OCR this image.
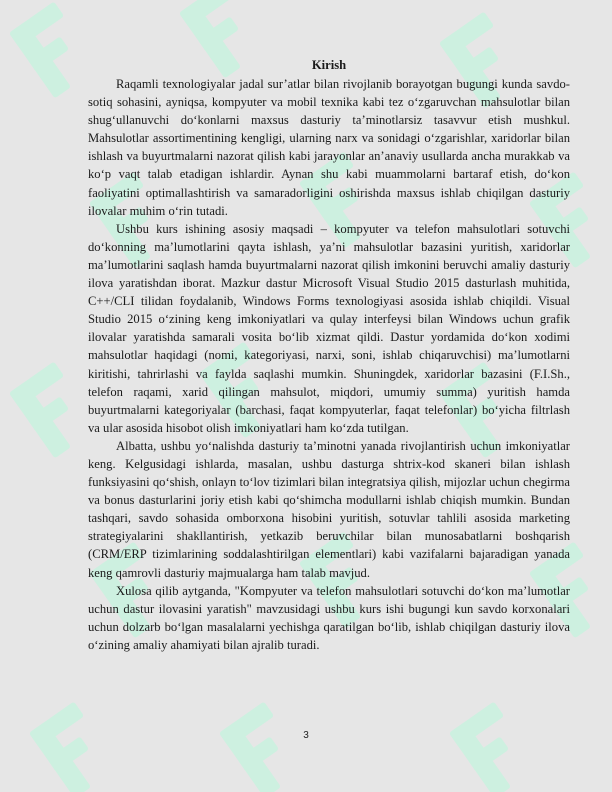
Kirish

Raqamli texnologiyalar jadal sur’atlar bilan rivojlanib borayotgan bugungi kunda savdo-sotiq sohasini, ayniqsa, kompyuter va mobil texnika kabi tez o‘zgaruvchan mahsulotlar bilan shug‘ullanuvchi do‘konlarni maxsus dasturiy ta’minotlarsiz tasavvur etish mushkul. Mahsulotlar assortimentining kengligi, ularning narx va sonidagi o‘zgarishlar, xaridorlar bilan ishlash va buyurtmalarni nazorat qilish kabi jarayonlar an’anaviy usullarda ancha murakkab va ko‘p vaqt talab etadigan ishlardir. Aynan shu kabi muammolarni bartaraf etish, do‘kon faoliyatini optimallashtirish va samaradorligini oshirishda maxsus ishlab chiqilgan dasturiy ilovalar muhim o‘rin tutadi.

Ushbu kurs ishining asosiy maqsadi – kompyuter va telefon mahsulotlari sotuvchi do‘konning ma’lumotlarini qayta ishlash, ya’ni mahsulotlar bazasini yuritish, xaridorlar ma’lumotlarini saqlash hamda buyurtmalarni nazorat qilish imkonini beruvchi amaliy dasturiy ilova yaratishdan iborat. Mazkur dastur Microsoft Visual Studio 2015 dasturlash muhitida, C++/CLI tilidan foydalanib, Windows Forms texnologiyasi asosida ishlab chiqildi. Visual Studio 2015 o‘zining keng imkoniyatlari va qulay interfeysi bilan Windows uchun grafik ilovalar yaratishda samarali vosita bo‘lib xizmat qildi. Dastur yordamida do‘kon xodimi mahsulotlar haqidagi (nomi, kategoriyasi, narxi, soni, ishlab chiqaruvchisi) ma’lumotlarni kiritishi, tahrirlashi va faylda saqlashi mumkin. Shuningdek, xaridorlar bazasini (F.I.Sh., telefon raqami, xarid qilingan mahsulot, miqdori, umumiy summa) yuritish hamda buyurtmalarni kategoriyalar (barchasi, faqat kompyuterlar, faqat telefonlar) bo‘yicha filtrlash va ular asosida hisobot olish imkoniyatlari ham ko‘zda tutilgan.

Albatta, ushbu yo‘nalishda dasturiy ta’minotni yanada rivojlantirish uchun imkoniyatlar keng. Kelgusidagi ishlarda, masalan, ushbu dasturga shtrix-kod skaneri bilan ishlash funksiyasini qo‘shish, onlayn to‘lov tizimlari bilan integratsiya qilish, mijozlar uchun chegirma va bonus dasturlarini joriy etish kabi qo‘shimcha modullarni ishlab chiqish mumkin. Bundan tashqari, savdo sohasida omborxona hisobini yuritish, sotuvlar tahlili asosida marketing strategiyalarini shakllantirish, yetkazib beruvchilar bilan munosabatlarni boshqarish (CRM/ERP tizimlarining soddalashtirilgan elementlari) kabi vazifalarni bajaradigan yanada keng qamrovli dasturiy majmualarga ham talab mavjud.

Xulosa qilib aytganda, "Kompyuter va telefon mahsulotlari sotuvchi do‘kon ma’lumotlar uchun dastur ilovasini yaratish" mavzusidagi ushbu kurs ishi bugungi kun savdo korxonalari uchun dolzarb bo‘lgan masalalarni yechishga qaratilgan bo‘lib, ishlab chiqilgan dasturiy ilova o‘zining amaliy ahamiyati bilan ajralib turadi.

3
